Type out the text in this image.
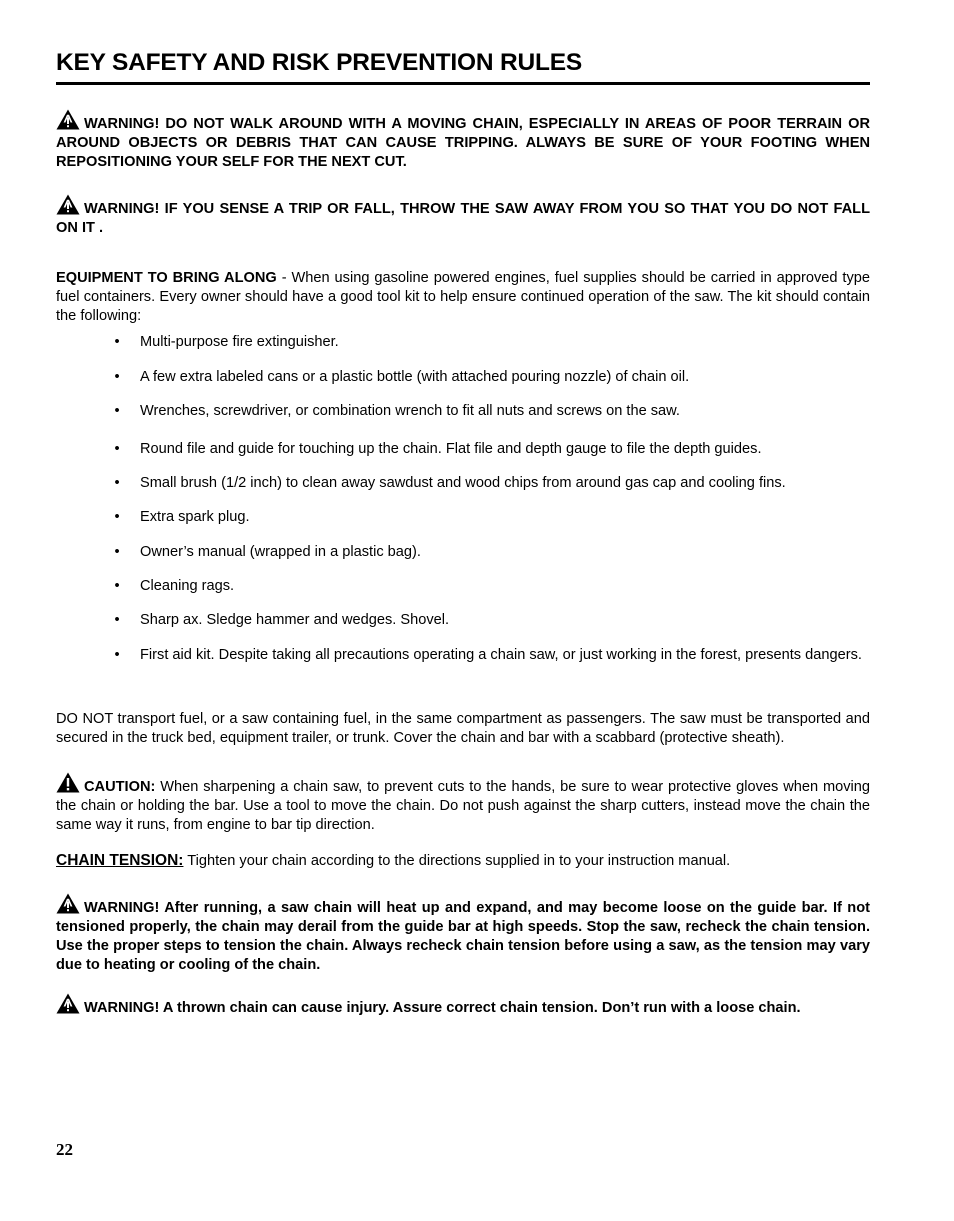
KEY SAFETY AND RISK PREVENTION RULES
WARNING! DO NOT WALK AROUND WITH A MOVING CHAIN, ESPECIALLY IN AREAS OF POOR TERRAIN OR AROUND OBJECTS OR DEBRIS THAT CAN CAUSE TRIPPING. ALWAYS BE SURE OF YOUR FOOTING WHEN REPOSITIONING YOUR SELF FOR THE NEXT CUT.
WARNING! IF YOU SENSE A TRIP OR FALL, THROW THE SAW AWAY FROM YOU SO THAT YOU DO NOT FALL ON IT .
EQUIPMENT TO BRING ALONG - When using gasoline powered engines, fuel supplies should be carried in approved type fuel containers. Every owner should have a good tool kit to help ensure continued operation of the saw. The kit should contain the following:
• Multi-purpose fire extinguisher.
• A few extra labeled cans or a plastic bottle (with attached pouring nozzle) of chain oil.
• Wrenches, screwdriver, or combination wrench to fit all nuts and screws on the saw.
• Round file and guide for touching up the chain. Flat file and depth gauge to file the depth guides.
• Small brush (1/2 inch) to clean away sawdust and wood chips from around gas cap and cooling fins.
• Extra spark plug.
• Owner’s manual (wrapped in a plastic bag).
• Cleaning rags.
• Sharp ax. Sledge hammer and wedges. Shovel.
• First aid kit. Despite taking all precautions operating a chain saw, or just working in the forest, presents dangers.
DO NOT transport fuel, or a saw containing fuel, in the same compartment as passengers. The saw must be transported and secured in the truck bed, equipment trailer, or trunk. Cover the chain and bar with a scabbard (protective sheath).
CAUTION: When sharpening a chain saw, to prevent cuts to the hands, be sure to wear protective gloves when moving the chain or holding the bar. Use a tool to move the chain. Do not push against the sharp cutters, instead move the chain the same way it runs, from engine to bar tip direction.
CHAIN TENSION: Tighten your chain according to the directions supplied in to your instruction manual.
WARNING! After running, a saw chain will heat up and expand, and may become loose on the guide bar. If not tensioned properly, the chain may derail from the guide bar at high speeds. Stop the saw, recheck the chain tension. Use the proper steps to tension the chain. Always recheck chain tension before using a saw, as the tension may vary due to heating or cooling of the chain.
WARNING! A thrown chain can cause injury. Assure correct chain tension. Don’t run with a loose chain.
22
